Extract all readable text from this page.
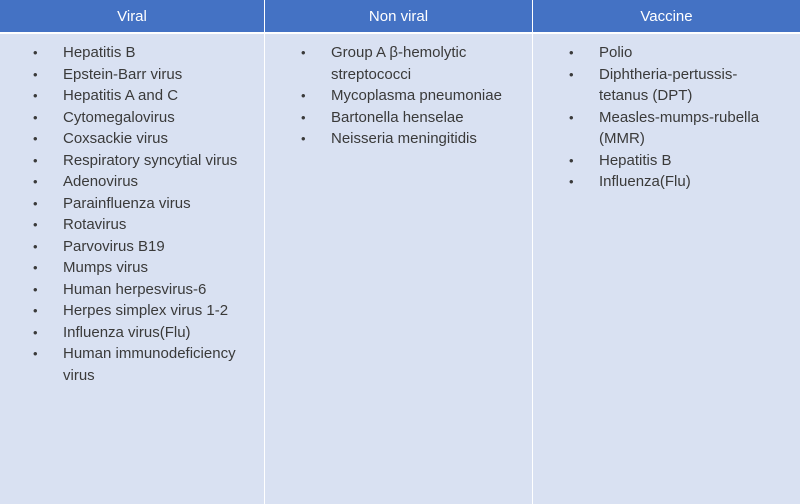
Viral	Non viral	Vaccine
• Hepatitis B
• Epstein-Barr virus
• Hepatitis A and C
• Cytomegalovirus
• Coxsackie virus
• Respiratory syncytial virus
• Adenovirus
• Parainfluenza virus
• Rotavirus
• Parvovirus B19
• Mumps virus
• Human herpesvirus-6
• Herpes simplex virus 1-2
• Influenza virus(Flu)
• Human immunodeficiency virus
• Group A β-hemolytic streptococci
• Mycoplasma pneumoniae
• Bartonella henselae
• Neisseria meningitidis
• Polio
• Diphtheria-pertussis-tetanus (DPT)
• Measles-mumps-rubella (MMR)
• Hepatitis B
• Influenza(Flu)
